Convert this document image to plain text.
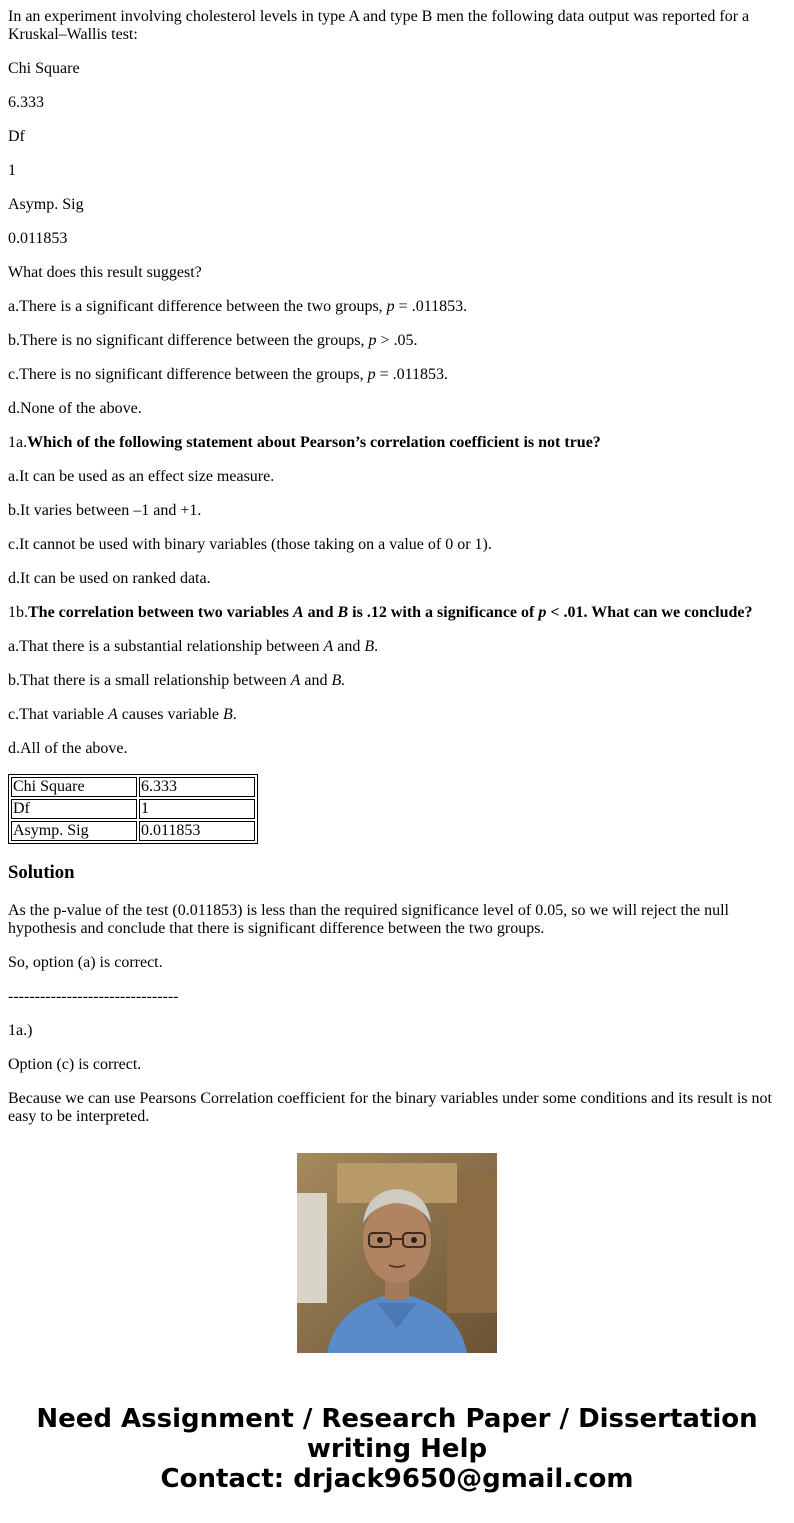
In an experiment involving cholesterol levels in type A and type B men the following data output was reported for a Kruskal–Wallis test:

Chi Square

6.333

Df

1

Asymp. Sig

0.011853

What does this result suggest?

a.There is a significant difference between the two groups, p = .011853.

b.There is no significant difference between the groups, p > .05.

c.There is no significant difference between the groups, p = .011853.

d.None of the above.

1a.Which of the following statement about Pearson’s correlation coefficient is not true?

a.It can be used as an effect size measure.

b.It varies between –1 and +1.

c.It cannot be used with binary variables (those taking on a value of 0 or 1).

d.It can be used on ranked data.

1b.The correlation between two variables A and B is .12 with a significance of p < .01. What can we conclude?

a.That there is a substantial relationship between A and B.

b.That there is a small relationship between A and B.

c.That variable A causes variable B.

d.All of the above.

Chi Square	6.333
Df	1
Asymp. Sig	0.011853
Solution

As the p-value of the test (0.011853) is less than the required significance level of 0.05, so we will reject the null hypothesis and conclude that there is significant difference between the two groups.

So, option (a) is correct.

--------------------------------

1a.)

Option (c) is correct.

Because we can use Pearsons Correlation coefficient for the binary variables under some conditions and its result is not easy to be interpreted.

Need Assignment / Research Paper / Dissertation
writing Help
Contact: drjack9650@gmail.com
